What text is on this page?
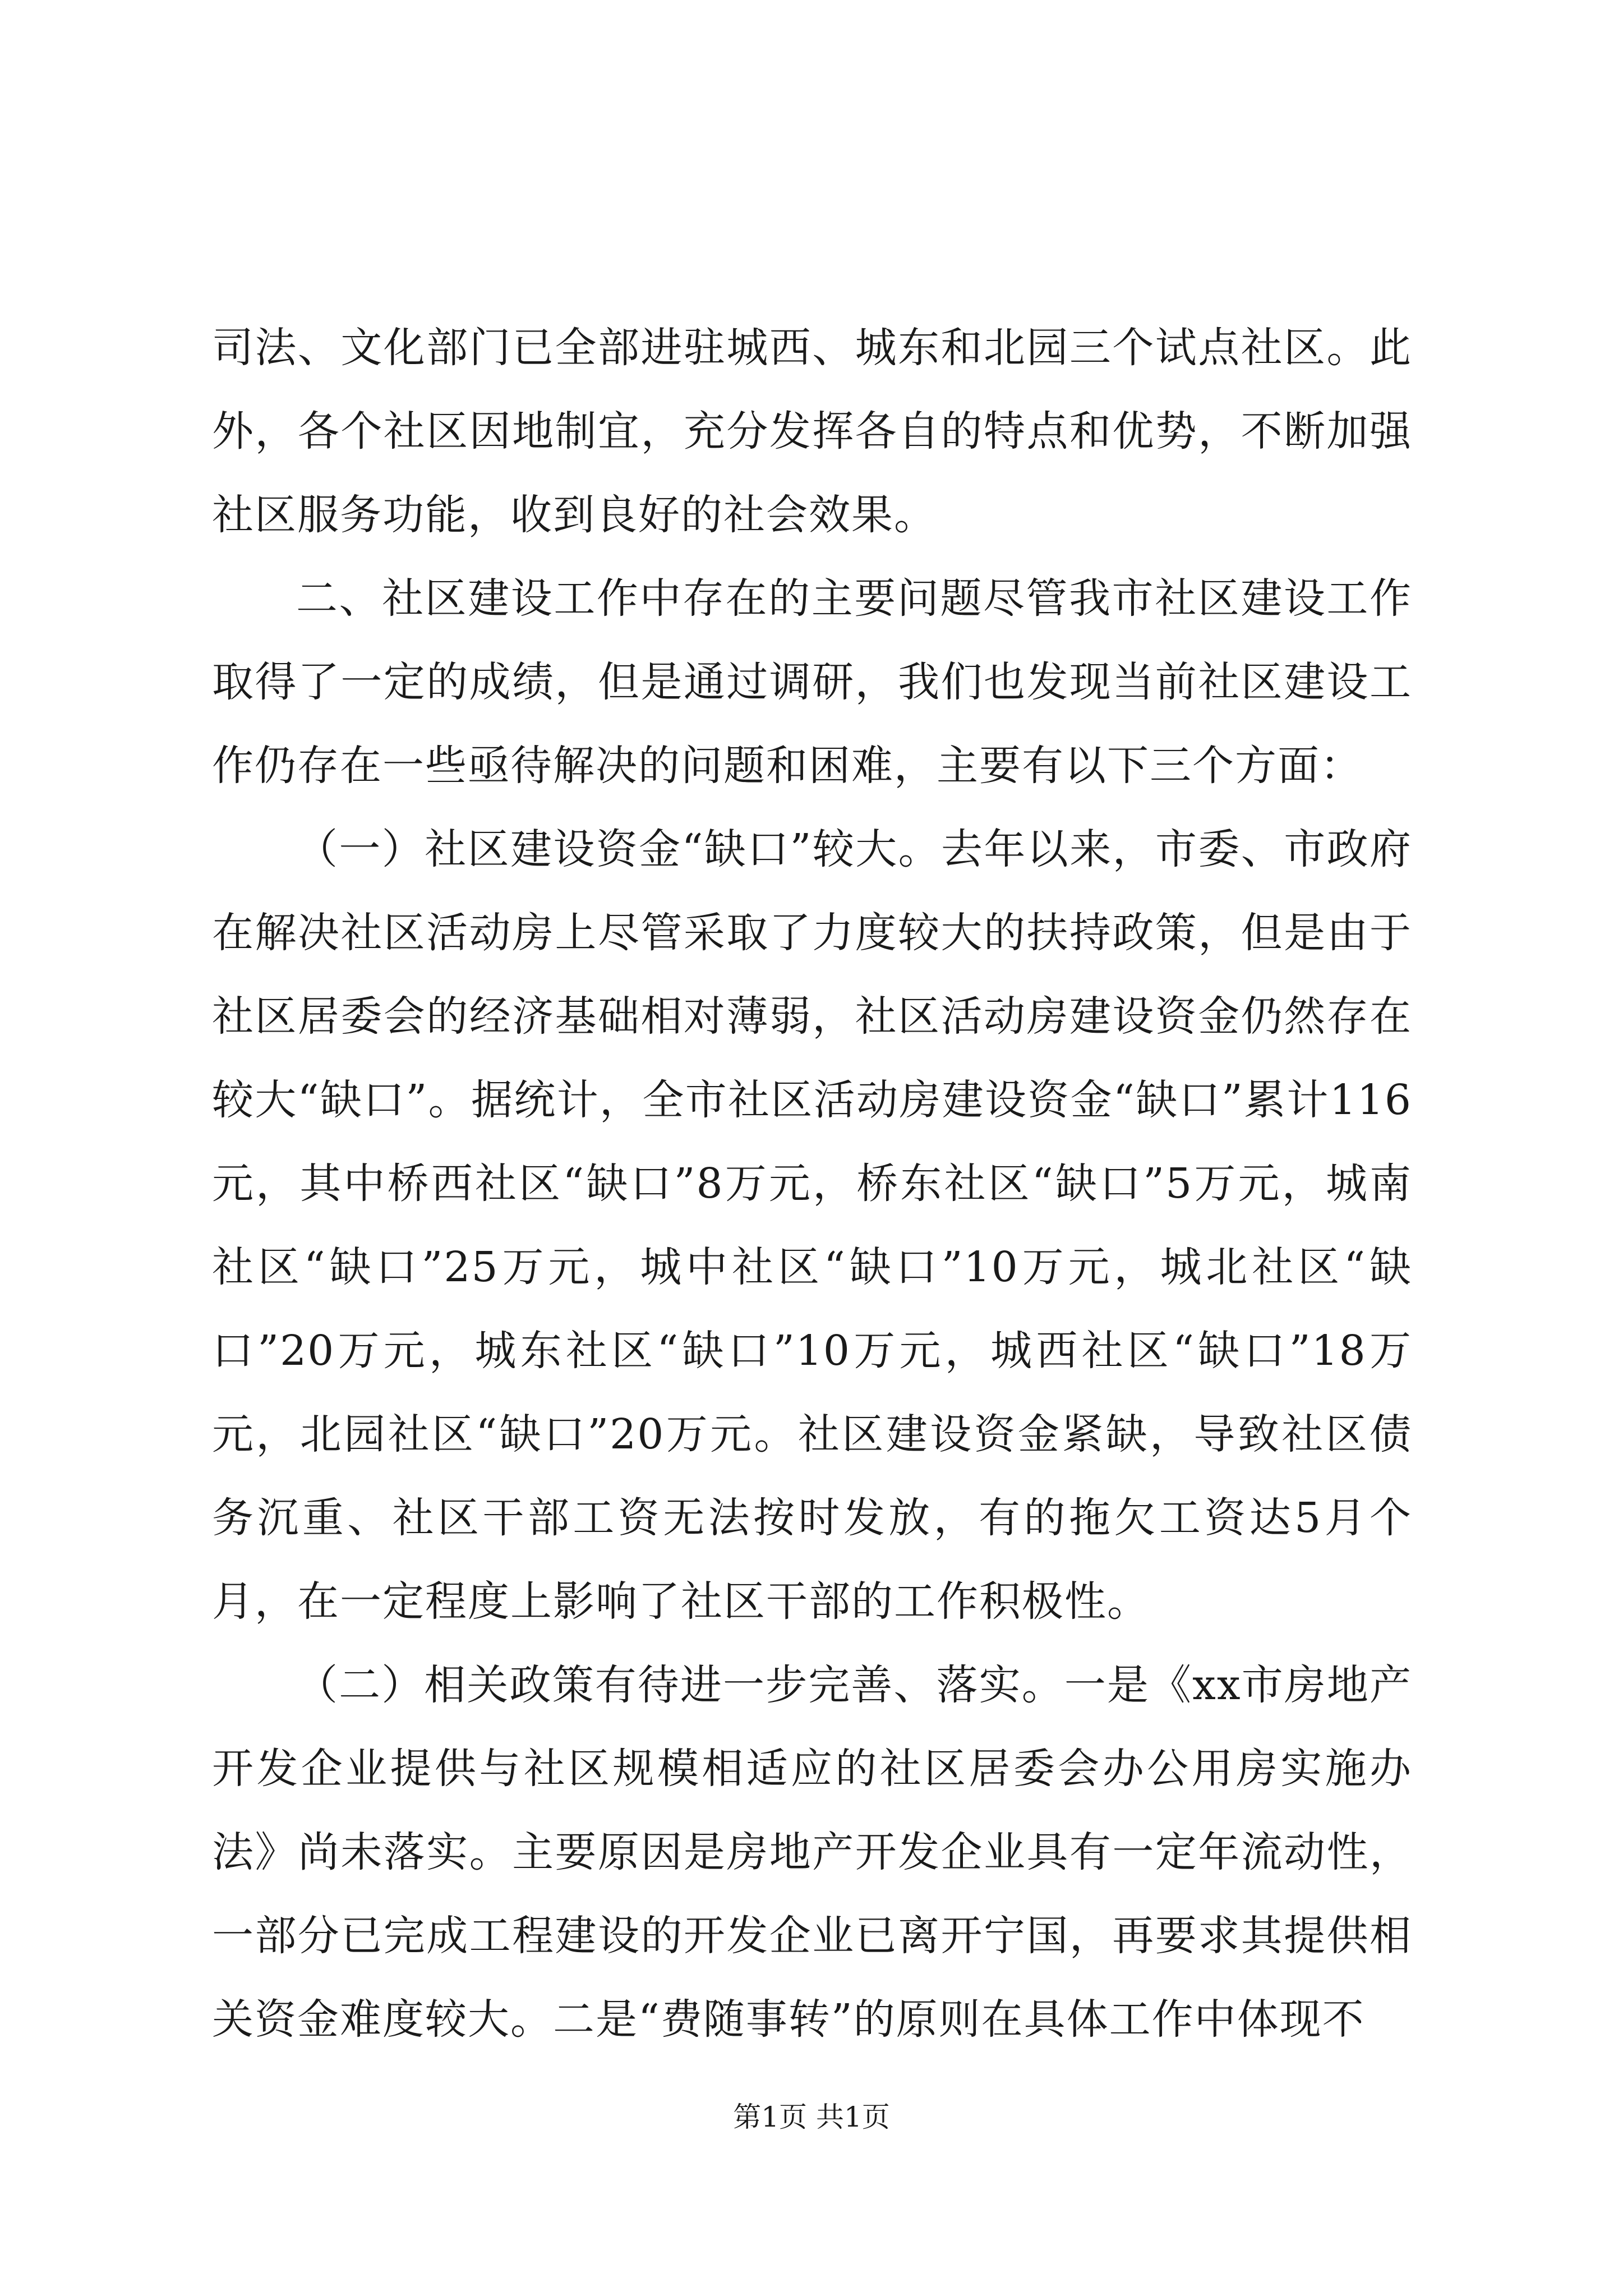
司法、文化部门已全部进驻城西、城东和北园三个试点社区。此外，各个社区因地制宜，充分发挥各自的特点和优势，不断加强社区服务功能，收到良好的社会效果。

二、社区建设工作中存在的主要问题尽管我市社区建设工作取得了一定的成绩，但是通过调研，我们也发现当前社区建设工作仍存在一些亟待解决的问题和困难，主要有以下三个方面：

（一）社区建设资金“缺口”较大。去年以来，市委、市政府在解决社区活动房上尽管采取了力度较大的扶持政策，但是由于社区居委会的经济基础相对薄弱，社区活动房建设资金仍然存在较大“缺口”。据统计，全市社区活动房建设资金“缺口”累计116元，其中桥西社区“缺口”8万元，桥东社区“缺口”5万元，城南社区“缺口”25万元，城中社区“缺口”10万元，城北社区“缺口”20万元，城东社区“缺口”10万元，城西社区“缺口”18万元，北园社区“缺口”20万元。社区建设资金紧缺，导致社区债务沉重、社区干部工资无法按时发放，有的拖欠工资达5月个月，在一定程度上影响了社区干部的工作积极性。

（二）相关政策有待进一步完善、落实。一是《xx市房地产开发企业提供与社区规模相适应的社区居委会办公用房实施办法》尚未落实。主要原因是房地产开发企业具有一定年流动性，一部分已完成工程建设的开发企业已离开宁国，再要求其提供相关资金难度较大。二是“费随事转”的原则在具体工作中体现不

第1页 共1页
